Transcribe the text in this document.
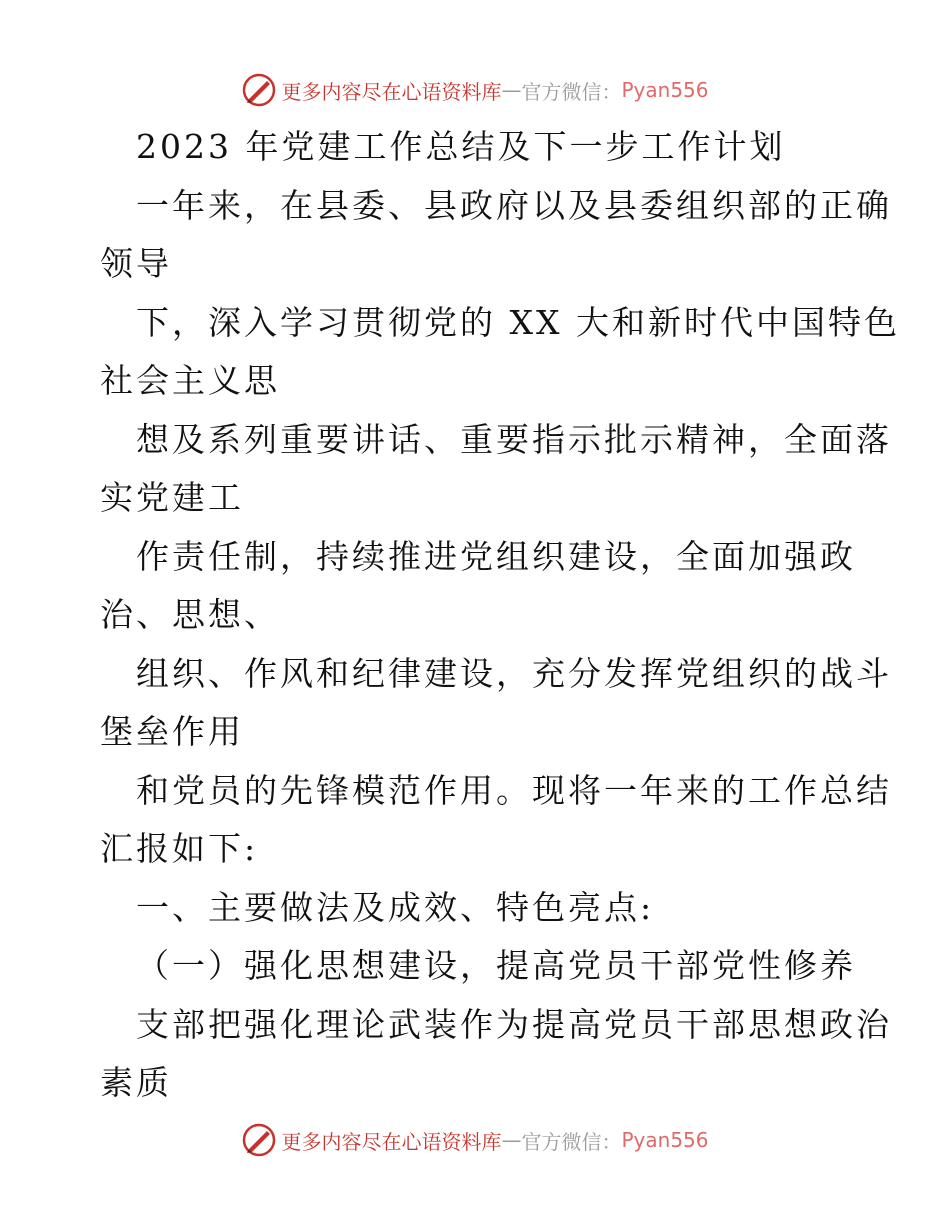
更多内容尽在心语资料库 — 官方微信： Pyan556
2023 年党建工作总结及下一步工作计划
一年来，在县委、县政府以及县委组织部的正确
领导
下，深入学习贯彻党的 XX 大和新时代中国特色
社会主义思
想及系列重要讲话、重要指示批示精神，全面落
实党建工
作责任制，持续推进党组织建设，全面加强政
治、思想、
组织、作风和纪律建设，充分发挥党组织的战斗
堡垒作用
和党员的先锋模范作用。现将一年来的工作总结
汇报如下:
一、主要做法及成效、特色亮点:
（一）强化思想建设，提高党员干部党性修养
支部把强化理论武装作为提高党员干部思想政治
素质
更多内容尽在心语资料库 — 官方微信： Pyan556
